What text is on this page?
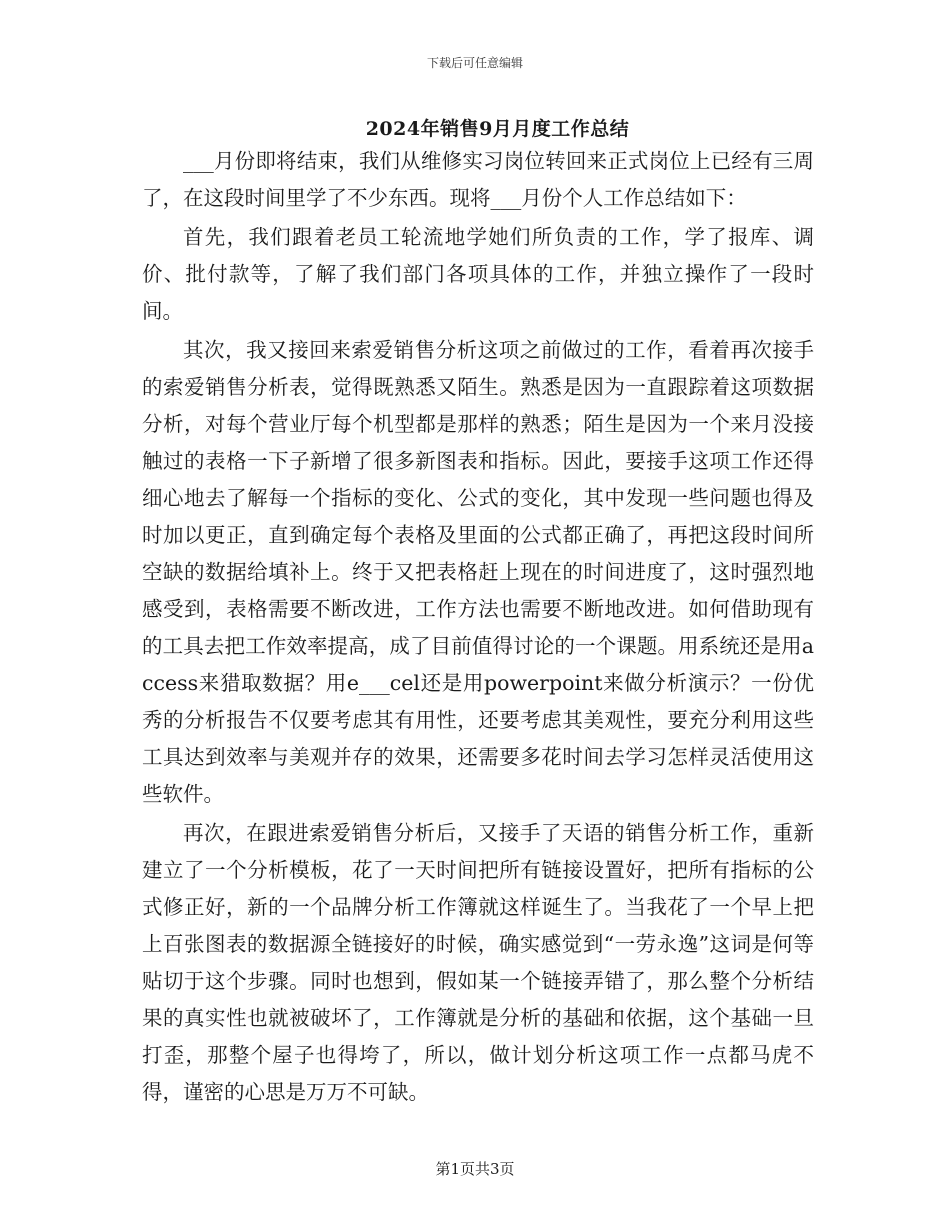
下载后可任意编辑
2024年销售9月月度工作总结

___月份即将结束，我们从维修实习岗位转回来正式岗位上已经有三周了，在这段时间里学了不少东西。现将___月份个人工作总结如下：

首先，我们跟着老员工轮流地学她们所负责的工作，学了报库、调价、批付款等，了解了我们部门各项具体的工作，并独立操作了一段时间。

其次，我又接回来索爱销售分析这项之前做过的工作，看着再次接手的索爱销售分析表，觉得既熟悉又陌生。熟悉是因为一直跟踪着这项数据分析，对每个营业厅每个机型都是那样的熟悉；陌生是因为一个来月没接触过的表格一下子新增了很多新图表和指标。因此，要接手这项工作还得细心地去了解每一个指标的变化、公式的变化，其中发现一些问题也得及时加以更正，直到确定每个表格及里面的公式都正确了，再把这段时间所空缺的数据给填补上。终于又把表格赶上现在的时间进度了，这时强烈地感受到，表格需要不断改进，工作方法也需要不断地改进。如何借助现有的工具去把工作效率提高，成了目前值得讨论的一个课题。用系统还是用access来猎取数据？用e___cel还是用powerpoint来做分析演示？一份优秀的分析报告不仅要考虑其有用性，还要考虑其美观性，要充分利用这些工具达到效率与美观并存的效果，还需要多花时间去学习怎样灵活使用这些软件。

再次，在跟进索爱销售分析后，又接手了天语的销售分析工作，重新建立了一个分析模板，花了一天时间把所有链接设置好，把所有指标的公式修正好，新的一个品牌分析工作簿就这样诞生了。当我花了一个早上把上百张图表的数据源全链接好的时候，确实感觉到“一劳永逸”这词是何等贴切于这个步骤。同时也想到，假如某一个链接弄错了，那么整个分析结果的真实性也就被破坏了，工作簿就是分析的基础和依据，这个基础一旦打歪，那整个屋子也得垮了，所以，做计划分析这项工作一点都马虎不得，谨密的心思是万万不可缺。

第1页共3页
